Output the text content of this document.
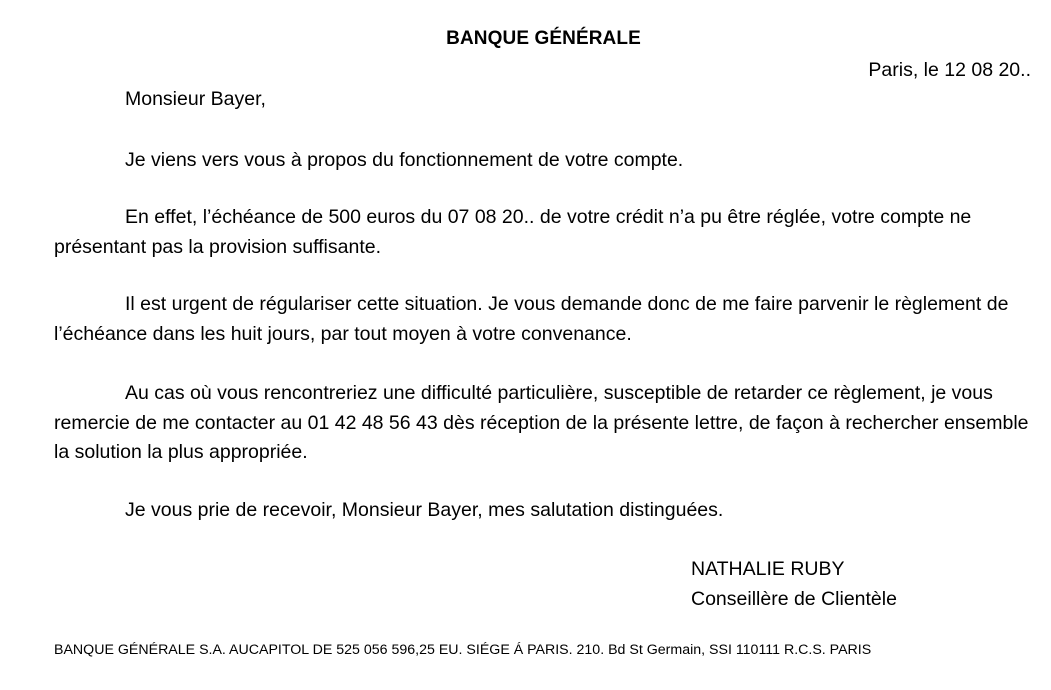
BANQUE GÉNÉRALE
Paris, le 12 08 20..
Monsieur Bayer,

Je viens vers vous à propos du fonctionnement de votre compte.

En effet, l’échéance de 500 euros du 07 08 20.. de votre crédit n’a pu être réglée, votre compte ne présentant pas la provision suffisante.

Il est urgent de régulariser cette situation. Je vous demande donc de me faire parvenir le règlement de l’échéance dans les huit jours, par tout moyen à votre convenance.

Au cas où vous rencontreriez une difficulté particulière, susceptible de retarder ce règlement, je vous remercie de me contacter au 01 42 48 56 43 dès réception de la présente lettre, de façon à rechercher ensemble la solution la plus appropriée.

Je vous prie de recevoir, Monsieur Bayer, mes salutation distinguées.

NATHALIE RUBY
Conseillère de Clientèle
BANQUE GÉNÉRALE S.A. AUCAPITOL DE 525 056 596,25 EU. SIÉGE Á PARIS. 210. Bd St Germain, SSI 110111 R.C.S. PARIS
